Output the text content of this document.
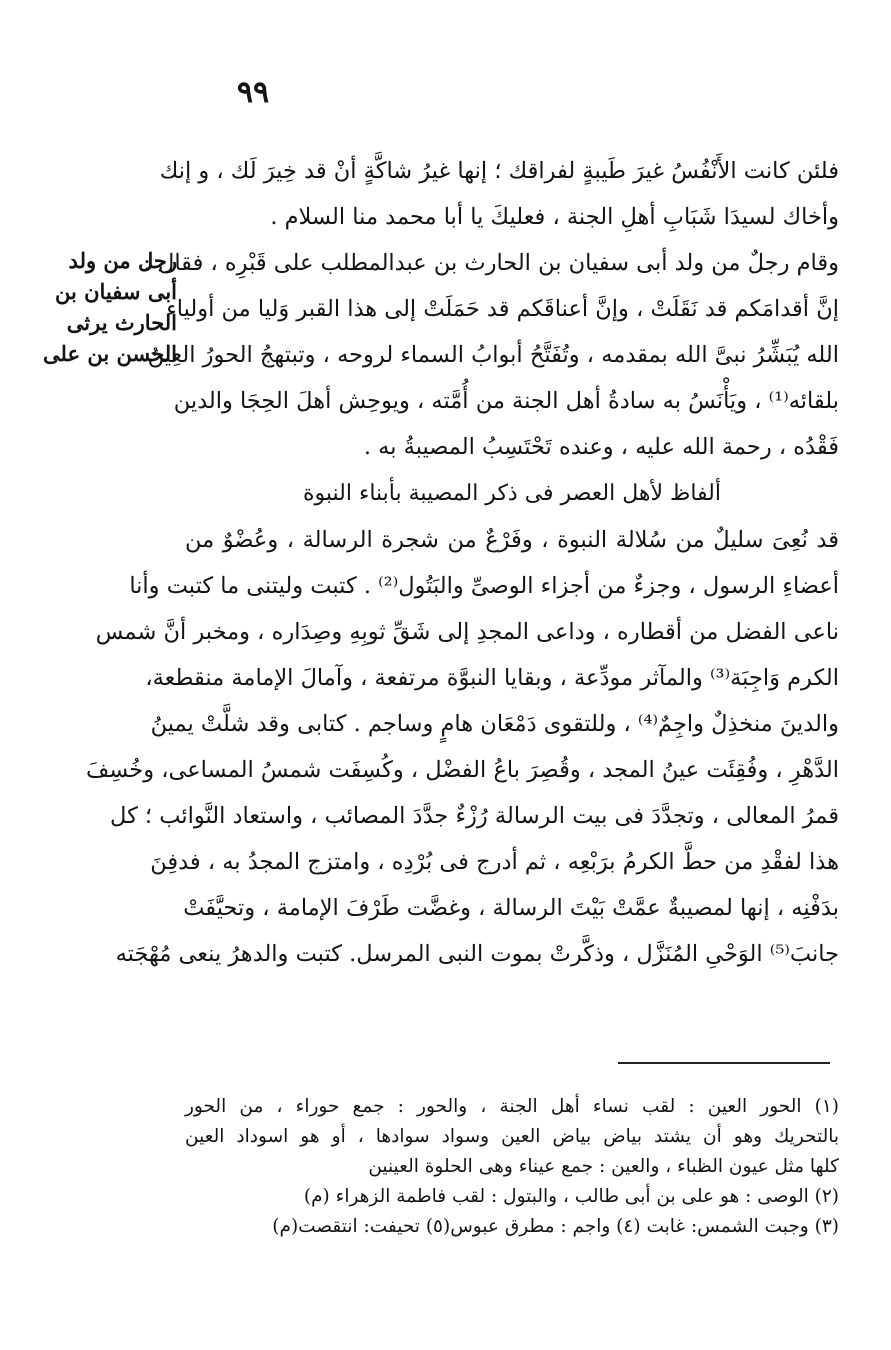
٩٩
رجل من ولد
أبى سفيان بن
الحارث يرثى
الحسن بن على
فلئن كانت الأَنْفُسُ غيرَ طَيبةٍ لفراقك ؛ إنها غيرُ شاكَّةٍ أنْ قد خِيرَ لَك ، و إنك
وأخاك لسيدَا شَبَابِ أهلِ الجنة ، فعليكَ يا أبا محمد منا السلام .
وقام رجلٌ من ولد أبى سفيان بن الحارث بن عبدالمطلب على قَبْرِه ، فقال :
إنَّ أقدامَكم قد نَقَلَتْ ، وإنَّ أعناقَكم قد حَمَلَتْ إلى هذا القبر وَليا من أولياء
الله يُبَشِّرُ نبىَّ الله بمقدمه ، وتُفَتَّحُ أبوابُ السماء لروحه ، وتبتهجُ الحورُ العِينُ
بلقائه⁽¹⁾ ، ويَأْنَسُ به سادةُ أهل الجنة من أُمَّته ، ويوحِش أهلَ الحِجَا والدين
فَقْدُه ، رحمة الله عليه ، وعنده تَحْتَسِبُ المصيبةُ به .
ألفاظ لأهل العصر فى ذكر المصيبة بأبناء النبوة
قد نُعِىَ سليلٌ من سُلالة النبوة ، وفَرْعٌ من شجرة الرسالة ، وعُضْوٌ من
أعضاءِ الرسول ، وجزءٌ من أجزاء الوصىِّ والبَتُول⁽²⁾ . كتبت وليتنى ما كتبت وأنا
ناعى الفضل من أقطاره ، وداعى المجدِ إلى شَقِّ ثوبِهِ وصِدَاره ، ومخبر أنَّ شمس
الكرم وَاجِبَة⁽³⁾ والمآثر مودِّعة ، وبقايا النبوَّة مرتفعة ، وآمالَ الإمامة منقطعة،
والدينَ منخذِلٌ واجِمٌ⁽⁴⁾ ، وللتقوى دَمْعَان هامٍ وساجم . كتابى وقد شلَّتْ يمينُ
الدَّهْرِ ، وفُقِئَت عينُ المجد ، وقُصِرَ باعُ الفضْل ، وكُسِفَت شمسُ المساعى، وخُسِفَ
قمرُ المعالى ، وتجدَّدَ فى بيت الرسالة رُزْءٌ جدَّدَ المصائب ، واستعاد النَّوائب ؛ كل
هذا لفقْدِ من حطَّ الكرمُ برَبْعِه ، ثم أدرج فى بُرْدِه ، وامتزج المجدُ به ، فدفِنَ
بدَفْنِه ، إنها لمصيبةٌ عمَّتْ بَيْتَ الرسالة ، وغضَّت طَرْفَ الإمامة ، وتحيَّفَتْ
جانبَ⁽⁵⁾ الوَحْىِ المُنَزَّل ، وذكَّرتْ بموت النبى المرسل. كتبت والدهرُ ينعى مُهْجَته
(١) الحور العين : لقب نساء أهل الجنة ، والحور : جمع حوراء ، من الحور
بالتحريك وهو أن يشتد بياض بياض العين وسواد سوادها ، أو هو اسوداد العين
كلها مثل عيون الظباء ، والعين : جمع عيناء وهى الحلوة العينين
(٢) الوصى : هو على بن أبى طالب ، والبتول : لقب فاطمة الزهراء (م)
(٣) وجبت الشمس: غابت (٤) واجم : مطرق عبوس(٥) تحيفت: انتقصت(م)
